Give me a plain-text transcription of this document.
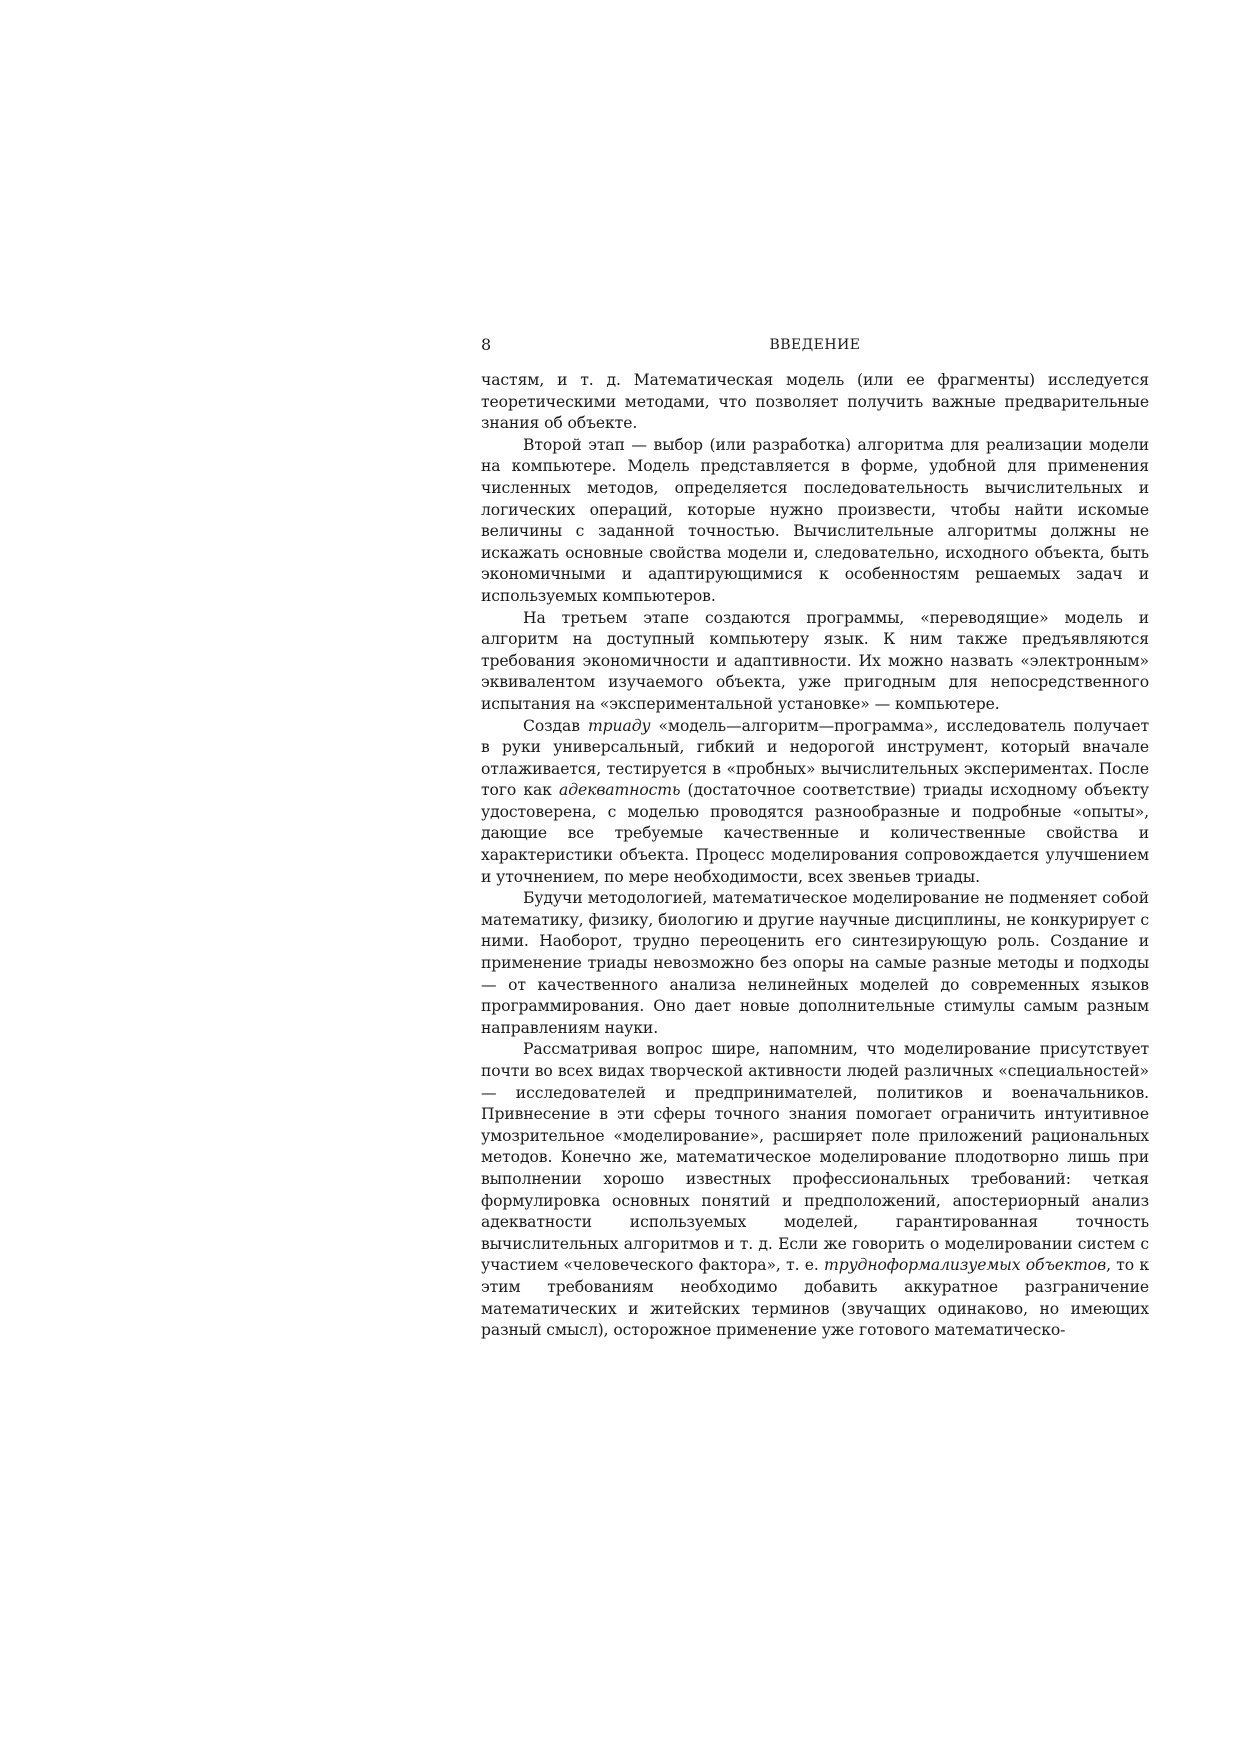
8	ВВЕДЕНИЕ

частям, и т. д. Математическая модель (или ее фрагменты) исследуется теоретическими методами, что позволяет получить важные предварительные знания об объекте.

Второй этап — выбор (или разработка) алгоритма для реализации модели на компьютере. Модель представляется в форме, удобной для применения численных методов, определяется последовательность вычислительных и логических операций, которые нужно произвести, чтобы найти искомые величины с заданной точностью. Вычислительные алгоритмы должны не искажать основные свойства модели и, следовательно, исходного объекта, быть экономичными и адаптирующимися к особенностям решаемых задач и используемых компьютеров.

На третьем этапе создаются программы, «переводящие» модель и алгоритм на доступный компьютеру язык. К ним также предъявляются требования экономичности и адаптивности. Их можно назвать «электронным» эквивалентом изучаемого объекта, уже пригодным для непосредственного испытания на «экспериментальной установке» — компьютере.

Создав триаду «модель—алгоритм—программа», исследователь получает в руки универсальный, гибкий и недорогой инструмент, который вначале отлаживается, тестируется в «пробных» вычислительных экспериментах. После того как адекватность (достаточное соответствие) триады исходному объекту удостоверена, с моделью проводятся разнообразные и подробные «опыты», дающие все требуемые качественные и количественные свойства и характеристики объекта. Процесс моделирования сопровождается улучшением и уточнением, по мере необходимости, всех звеньев триады.

Будучи методологией, математическое моделирование не подменяет собой математику, физику, биологию и другие научные дисциплины, не конкурирует с ними. Наоборот, трудно переоценить его синтезирующую роль. Создание и применение триады невозможно без опоры на самые разные методы и подходы — от качественного анализа нелинейных моделей до современных языков программирования. Оно дает новые дополнительные стимулы самым разным направлениям науки.

Рассматривая вопрос шире, напомним, что моделирование присутствует почти во всех видах творческой активности людей различных «специальностей» — исследователей и предпринимателей, политиков и военачальников. Привнесение в эти сферы точного знания помогает ограничить интуитивное умозрительное «моделирование», расширяет поле приложений рациональных методов. Конечно же, математическое моделирование плодотворно лишь при выполнении хорошо известных профессиональных требований: четкая формулировка основных понятий и предположений, апостериорный анализ адекватности используемых моделей, гарантированная точность вычислительных алгоритмов и т. д. Если же говорить о моделировании систем с участием «человеческого фактора», т. е. трудноформализуемых объектов, то к этим требованиям необходимо добавить аккуратное разграничение математических и житейских терминов (звучащих одинаково, но имеющих разный смысл), осторожное применение уже готового математическо-
